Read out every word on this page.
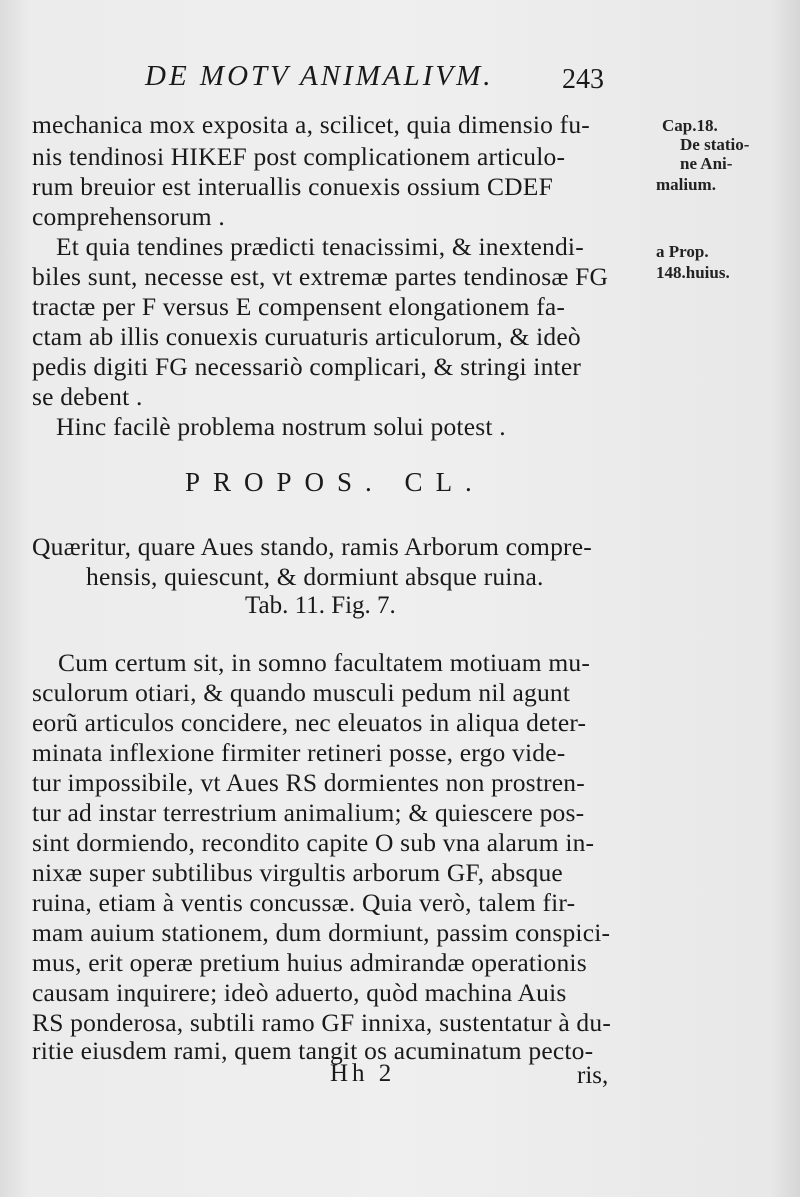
DE MOTV ANIMALIVM. 243
mechanica mox exposita a, scilicet, quia dimensio fu-
nis tendinosi HIKEF post complicationem articulo-
rum breuior est interuallis conuexis ossium CDEF
comprehensorum .
Et quia tendines prædicti tenacissimi, & inextendi-
biles sunt, necesse est, vt extremæ partes tendinosæ FG
tractæ per F versus E compensent elongationem fa-
ctam ab illis conuexis curuaturis articulorum, & ideò
pedis digiti FG necessariò complicari, & stringi inter
se debent .
Hinc facilè problema nostrum solui potest .
PROPOS. CL.
Quæritur, quare Aues stando, ramis Arborum compre-
hensis, quiescunt, & dormiunt absque ruina.
Tab. 11. Fig. 7.
Cum certum sit, in somno facultatem motiuam mu-
sculorum otiari, & quando musculi pedum nil agunt
eorũ articulos concidere, nec eleuatos in aliqua deter-
minata inflexione firmiter retineri posse, ergo vide-
tur impossibile, vt Aues RS dormientes non prostren-
tur ad instar terrestrium animalium; & quiescere pos-
sint dormiendo, recondito capite O sub vna alarum in-
nixæ super subtilibus virgultis arborum GF, absque
ruina, etiam à ventis concussæ. Quia verò, talem fir-
mam auium stationem, dum dormiunt, passim conspici-
mus, erit operæ pretium huius admirandæ operationis
causam inquirere; ideò aduerto, quòd machina Auis
RS ponderosa, subtili ramo GF innixa, sustentatur à du-
ritie eiusdem rami, quem tangit os acuminatum pecto-
Cap.18.
De statio-
ne Ani-
malium.
a Prop.
148.huius.
Hh 2	ris,
